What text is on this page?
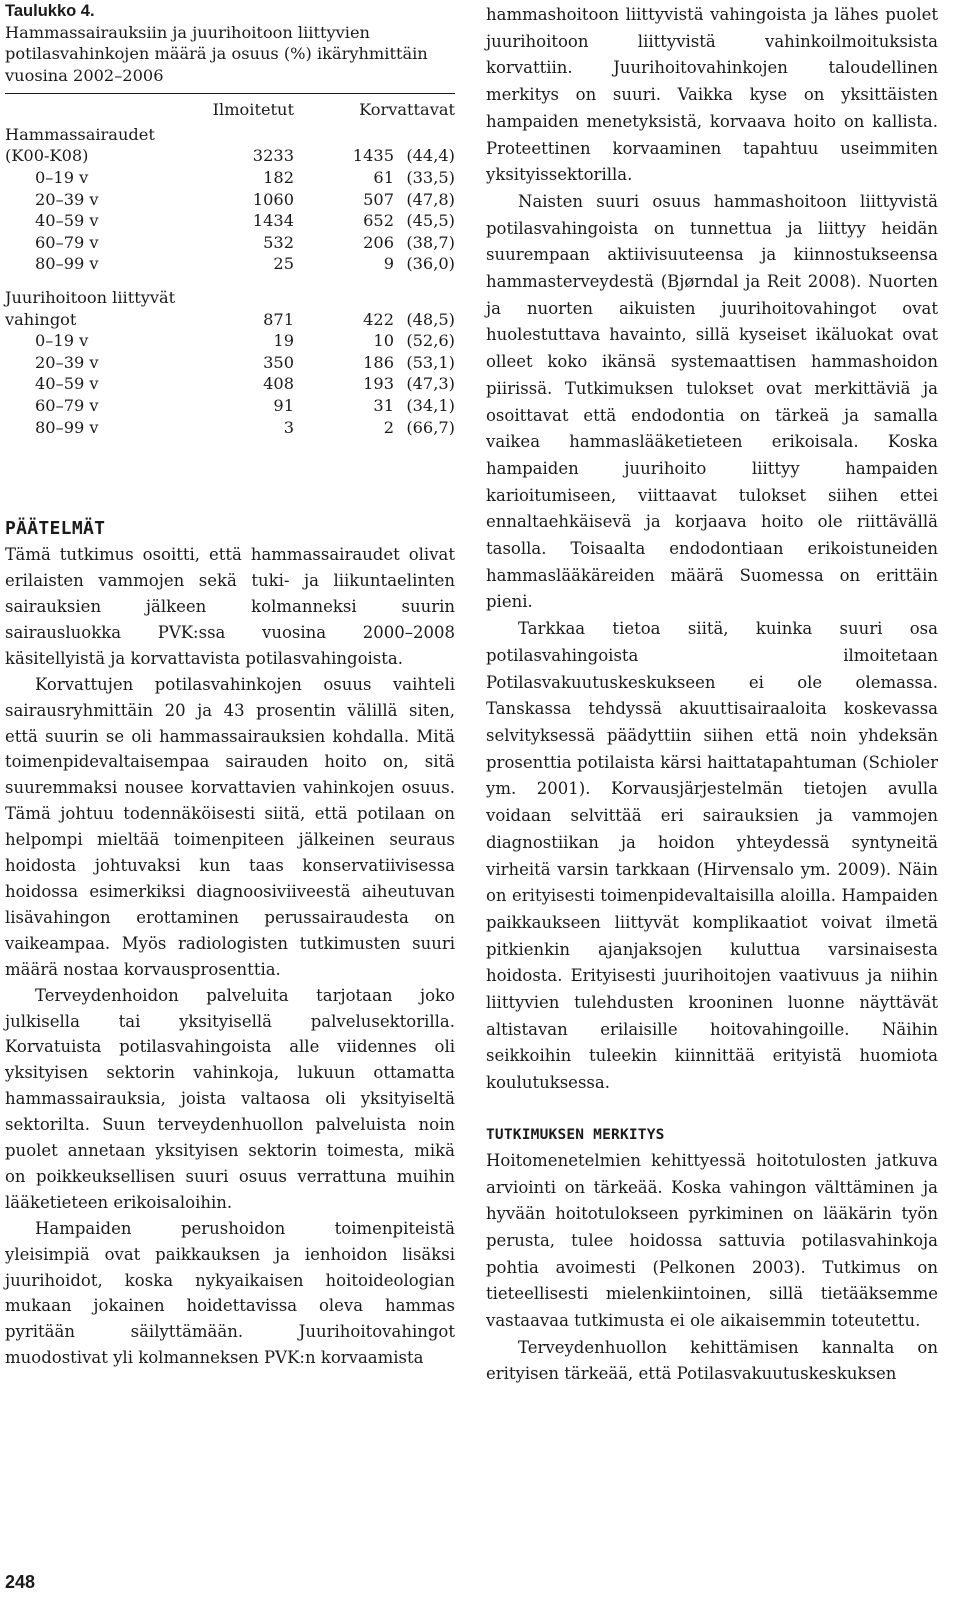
Taulukko 4.
Hammassairauksiin ja juurihoitoon liittyvien potilasvahinkojen määrä ja osuus (%) ikäryhmittäin vuosina 2002–2006
Ilmoitetut	Korvattavat
Hammassairaudet
(K00-K08)	3233	1435 (44,4)
0–19 v	182	61 (33,5)
20–39 v	1060	507 (47,8)
40–59 v	1434	652 (45,5)
60–79 v	532	206 (38,7)
80–99 v	25	9 (36,0)
Juurihoitoon liittyvät
vahingot	871	422 (48,5)
0–19 v	19	10 (52,6)
20–39 v	350	186 (53,1)
40–59 v	408	193 (47,3)
60–79 v	91	31 (34,1)
80–99 v	3	2 (66,7)
PÄÄTELMÄT

Tämä tutkimus osoitti, että hammassairaudet olivat erilaisten vammojen sekä tuki- ja liikuntaelinten sairauksien jälkeen kolmanneksi suurin sairausluokka PVK:ssa vuosina 2000–2008 käsitellyistä ja korvattavista potilasvahingoista.

Korvattujen potilasvahinkojen osuus vaihteli sairausryhmittäin 20 ja 43 prosentin välillä siten, että suurin se oli hammassairauksien kohdalla. Mitä toimenpidevaltaisempaa sairauden hoito on, sitä suuremmaksi nousee korvattavien vahinkojen osuus. Tämä johtuu todennäköisesti siitä, että potilaan on helpompi mieltää toimenpiteen jälkeinen seuraus hoidosta johtuvaksi kun taas konservatiivisessa hoidossa esimerkiksi diagnoosiviiveestä aiheutuvan lisävahingon erottaminen perussairaudesta on vaikeampaa. Myös radiologisten tutkimusten suuri määrä nostaa korvausprosenttia.

Terveydenhoidon palveluita tarjotaan joko julkisella tai yksityisellä palvelusektorilla. Korvatuista potilasvahingoista alle viidennes oli yksityisen sektorin vahinkoja, lukuun ottamatta hammassairauksia, joista valtaosa oli yksityiseltä sektorilta. Suun terveydenhuollon palveluista noin puolet annetaan yksityisen sektorin toimesta, mikä on poikkeuksellisen suuri osuus verrattuna muihin lääketieteen erikoisaloihin.

Hampaiden perushoidon toimenpiteistä yleisimpiä ovat paikkauksen ja ienhoidon lisäksi juurihoidot, koska nykyaikaisen hoitoideologian mukaan jokainen hoidettavissa oleva hammas pyritään säilyttämään. Juurihoitovahingot muodostivat yli kolmanneksen PVK:n korvaamista

hammashoitoon liittyvistä vahingoista ja lähes puolet juurihoitoon liittyvistä vahinkoilmoituksista korvattiin. Juurihoitovahinkojen taloudellinen merkitys on suuri. Vaikka kyse on yksittäisten hampaiden menetyksistä, korvaava hoito on kallista. Proteettinen korvaaminen tapahtuu useimmiten yksityissektorilla.

Naisten suuri osuus hammashoitoon liittyvistä potilasvahingoista on tunnettua ja liittyy heidän suurempaan aktiivisuuteensa ja kiinnostukseensa hammasterveydestä (Bjørndal ja Reit 2008). Nuorten ja nuorten aikuisten juurihoitovahingot ovat huolestuttava havainto, sillä kyseiset ikäluokat ovat olleet koko ikänsä systemaattisen hammashoidon piirissä. Tutkimuksen tulokset ovat merkittäviä ja osoittavat että endodontia on tärkeä ja samalla vaikea hammaslääketieteen erikoisala. Koska hampaiden juurihoito liittyy hampaiden karioitumiseen, viittaavat tulokset siihen ettei ennaltaehkäisevä ja korjaava hoito ole riittävällä tasolla. Toisaalta endodontiaan erikoistuneiden hammaslääkäreiden määrä Suomessa on erittäin pieni.

Tarkkaa tietoa siitä, kuinka suuri osa potilasvahingoista ilmoitetaan Potilasvakuutuskeskukseen ei ole olemassa. Tanskassa tehdyssä akuuttisairaaloita koskevassa selvityksessä päädyttiin siihen että noin yhdeksän prosenttia potilaista kärsi haittatapahtuman (Schioler ym. 2001). Korvausjärjestelmän tietojen avulla voidaan selvittää eri sairauksien ja vammojen diagnostiikan ja hoidon yhteydessä syntyneitä virheitä varsin tarkkaan (Hirvensalo ym. 2009). Näin on erityisesti toimenpidevaltaisilla aloilla. Hampaiden paikkaukseen liittyvät komplikaatiot voivat ilmetä pitkienkin ajanjaksojen kuluttua varsinaisesta hoidosta. Erityisesti juurihoitojen vaativuus ja niihin liittyvien tulehdusten krooninen luonne näyttävät altistavan erilaisille hoitovahingoille. Näihin seikkoihin tuleekin kiinnittää erityistä huomiota koulutuksessa.

TUTKIMUKSEN MERKITYS

Hoitomenetelmien kehittyessä hoitotulosten jatkuva arviointi on tärkeää. Koska vahingon välttäminen ja hyvään hoitotulokseen pyrkiminen on lääkärin työn perusta, tulee hoidossa sattuvia potilasvahinkoja pohtia avoimesti (Pelkonen 2003). Tutkimus on tieteellisesti mielenkiintoinen, sillä tietääksemme vastaavaa tutkimusta ei ole aikaisemmin toteutettu.

Terveydenhuollon kehittämisen kannalta on erityisen tärkeää, että Potilasvakuutuskeskuksen

248
